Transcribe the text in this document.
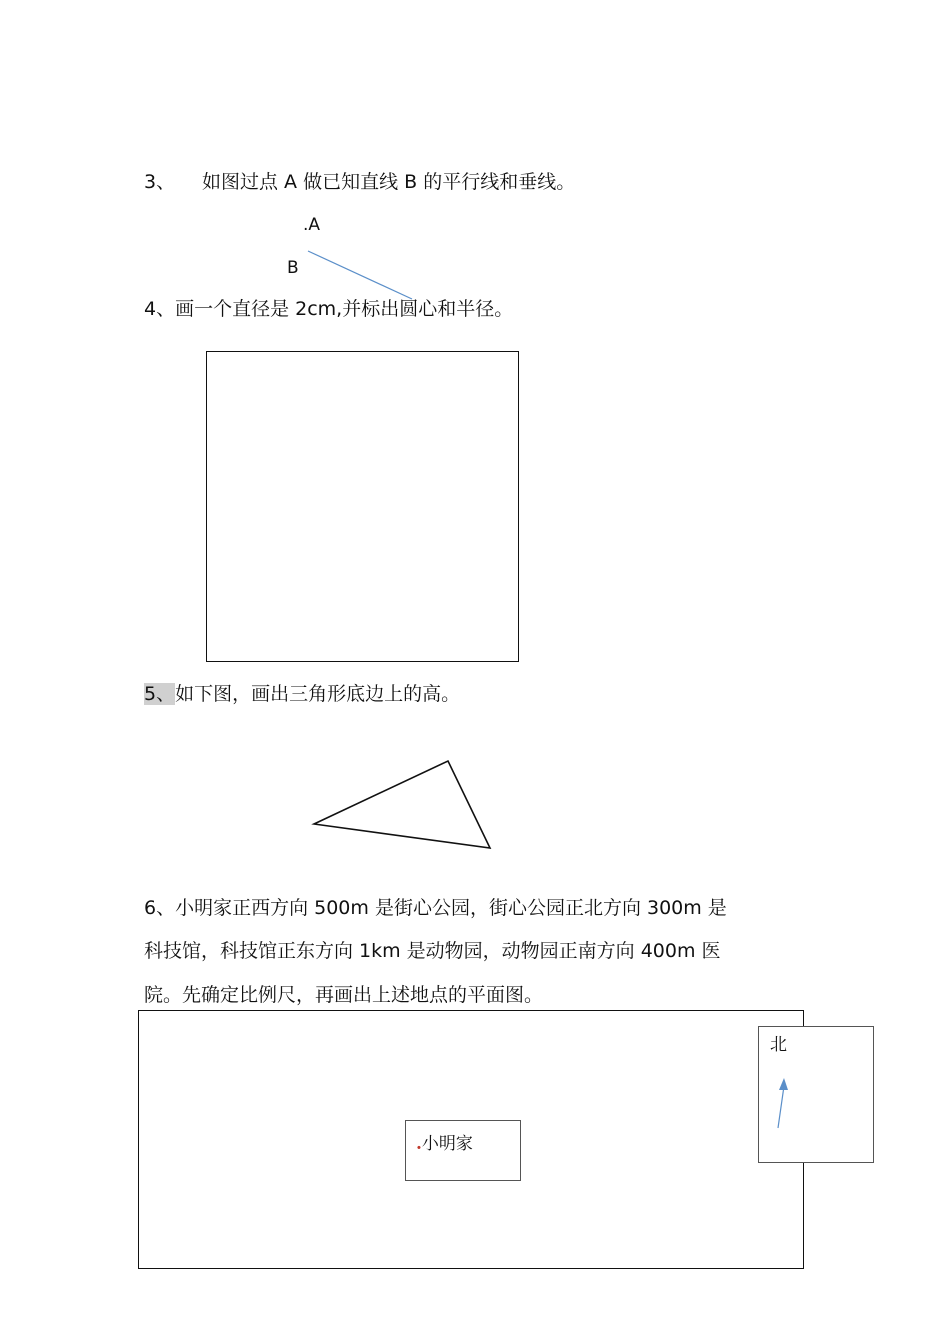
3、 如图过点 A 做已知直线 B 的平行线和垂线。
.A
B
4、画一个直径是 2cm,并标出圆心和半径。
5、如下图，画出三角形底边上的高。
6、小明家正西方向 500m 是街心公园，街心公园正北方向 300m 是
科技馆，科技馆正东方向 1km 是动物园，动物园正南方向 400m 医
院。先确定比例尺，再画出上述地点的平面图。
.小明家
北
